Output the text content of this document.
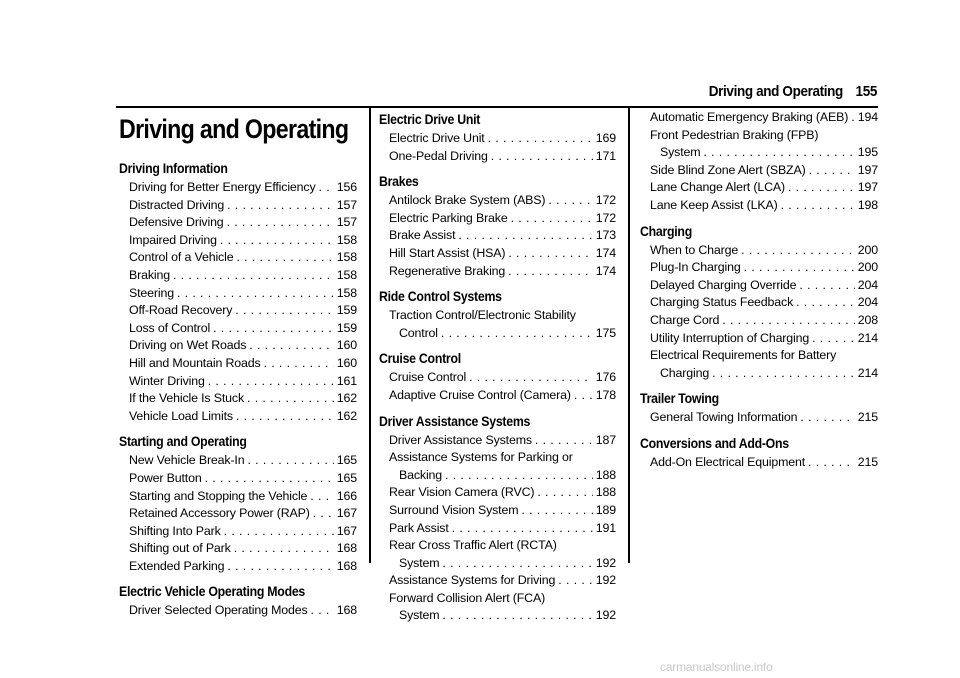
Driving and Operating 155
Driving and Operating
Driving Information
Driving for Better Energy Efficiency . . . 156
Distracted Driving . . .	157
Defensive Driving . . .	157
Impaired Driving . . .	158
Control of a Vehicle . . .	158
Braking . . .	158
Steering . . .	158
Off-Road Recovery . . .	159
Loss of Control . . .	159
Driving on Wet Roads . . .	160
Hill and Mountain Roads . . .	160
Winter Driving . . .	161
If the Vehicle Is Stuck . . .	162
Vehicle Load Limits . . .	162
Starting and Operating
New Vehicle Break-In . . .	165
Power Button . . .	165
Starting and Stopping the Vehicle . . . 166
Retained Accessory Power (RAP) . . . 167
Shifting Into Park . . .	167
Shifting out of Park . . .	168
Extended Parking . . .	168
Electric Vehicle Operating Modes
Driver Selected Operating Modes . . . 168
Electric Drive Unit
Electric Drive Unit . . .	169
One-Pedal Driving . . .	171
Brakes
Antilock Brake System (ABS) . . .	172
Electric Parking Brake . . .	172
Brake Assist . . .	173
Hill Start Assist (HSA) . . .	174
Regenerative Braking . . .	174
Ride Control Systems
Traction Control/Electronic Stability
Control . . .	175
Cruise Control
Cruise Control . . .	176
Adaptive Cruise Control (Camera) . . . 178
Driver Assistance Systems
Driver Assistance Systems . . .	187
Assistance Systems for Parking or
Backing . . .	188
Rear Vision Camera (RVC) . . .	188
Surround Vision System . . .	189
Park Assist . . .	191
Rear Cross Traffic Alert (RCTA)
System . . .	192
Assistance Systems for Driving . . .	192
Forward Collision Alert (FCA)
System . . .	192
Automatic Emergency Braking (AEB) . . . 194
Front Pedestrian Braking (FPB)
System . . .	195
Side Blind Zone Alert (SBZA) . . .	197
Lane Change Alert (LCA) . . .	197
Lane Keep Assist (LKA) . . .	198
Charging
When to Charge . . .	200
Plug-In Charging . . .	200
Delayed Charging Override . . .	204
Charging Status Feedback . . .	204
Charge Cord . . .	208
Utility Interruption of Charging . . .	214
Electrical Requirements for Battery
Charging . . .	214
Trailer Towing
General Towing Information . . .	215
Conversions and Add-Ons
Add-On Electrical Equipment . . .	215
carmanualsonline.info
